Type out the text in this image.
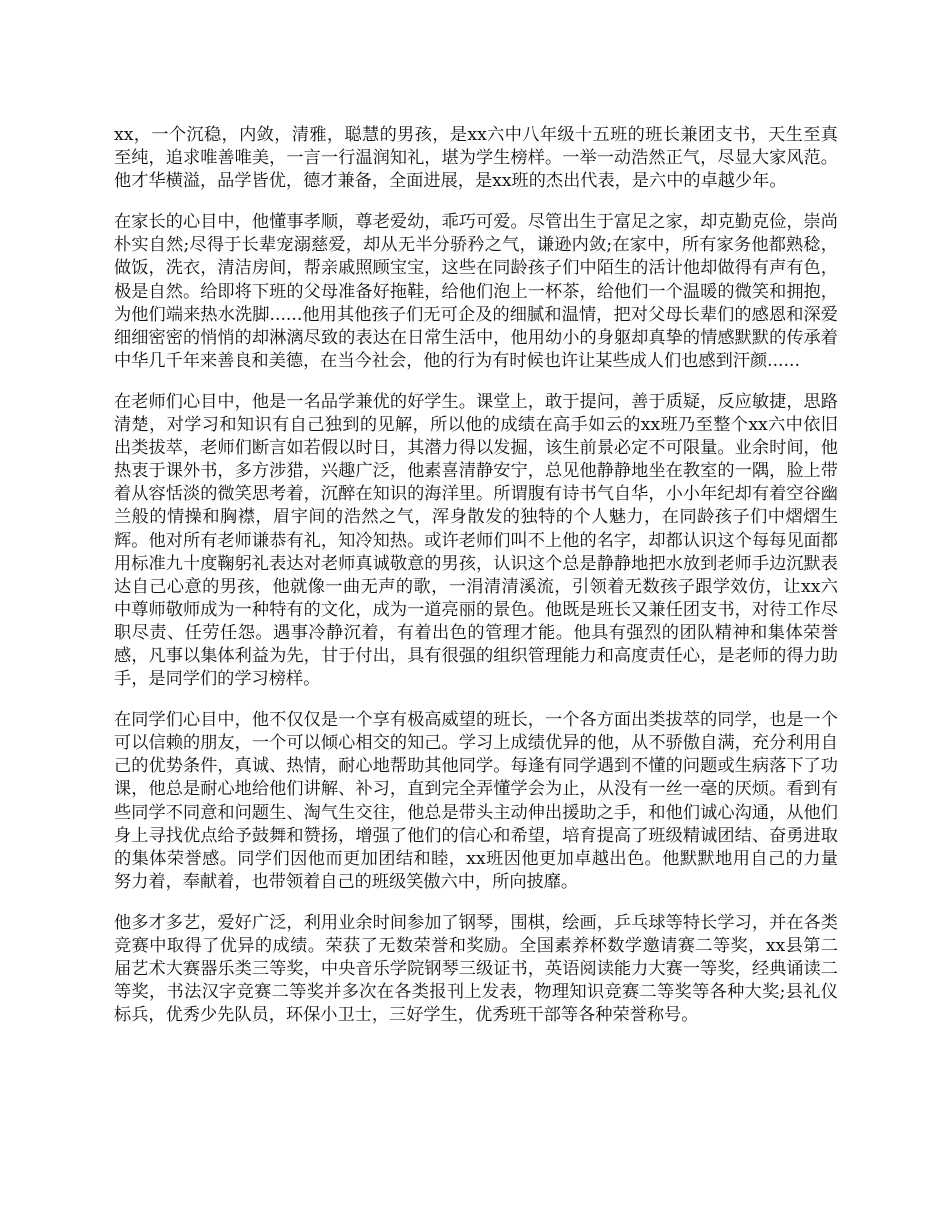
xx，一个沉稳，内敛，清雅，聪慧的男孩，是xx六中八年级十五班的班长兼团支书，天生至真至纯，追求唯善唯美，一言一行温润知礼，堪为学生榜样。一举一动浩然正气，尽显大家风范。他才华横溢，品学皆优，德才兼备，全面进展，是xx班的杰出代表，是六中的卓越少年。

在家长的心目中，他懂事孝顺，尊老爱幼，乖巧可爱。尽管出生于富足之家，却克勤克俭，崇尚朴实自然;尽得于长辈宠溺慈爱，却从无半分骄矜之气，谦逊内敛;在家中，所有家务他都熟稔，做饭，洗衣，清洁房间，帮亲戚照顾宝宝，这些在同龄孩子们中陌生的活计他却做得有声有色，极是自然。给即将下班的父母准备好拖鞋，给他们泡上一杯茶，给他们一个温暖的微笑和拥抱，为他们端来热水洗脚......他用其他孩子们无可企及的细腻和温情，把对父母长辈们的感恩和深爱细细密密的悄悄的却淋漓尽致的表达在日常生活中，他用幼小的身躯却真挚的情感默默的传承着中华几千年来善良和美德，在当今社会，他的行为有时候也许让某些成人们也感到汗颜......

在老师们心目中，他是一名品学兼优的好学生。课堂上，敢于提问，善于质疑，反应敏捷，思路清楚，对学习和知识有自己独到的见解，所以他的成绩在高手如云的xx班乃至整个xx六中依旧出类拔萃，老师们断言如若假以时日，其潜力得以发掘，该生前景必定不可限量。业余时间，他热衷于课外书，多方涉猎，兴趣广泛，他素喜清静安宁，总见他静静地坐在教室的一隅，脸上带着从容恬淡的微笑思考着，沉醉在知识的海洋里。所谓腹有诗书气自华，小小年纪却有着空谷幽兰般的情操和胸襟，眉宇间的浩然之气，浑身散发的独特的个人魅力，在同龄孩子们中熠熠生辉。他对所有老师谦恭有礼，知冷知热。或许老师们叫不上他的名字，却都认识这个每每见面都用标准九十度鞠躬礼表达对老师真诚敬意的男孩，认识这个总是静静地把水放到老师手边沉默表达自己心意的男孩，他就像一曲无声的歌，一涓清清溪流，引领着无数孩子跟学效仿，让xx六中尊师敬师成为一种特有的文化，成为一道亮丽的景色。他既是班长又兼任团支书，对待工作尽职尽责、任劳任怨。遇事冷静沉着，有着出色的管理才能。他具有强烈的团队精神和集体荣誉感，凡事以集体利益为先，甘于付出，具有很强的组织管理能力和高度责任心，是老师的得力助手，是同学们的学习榜样。

在同学们心目中，他不仅仅是一个享有极高威望的班长，一个各方面出类拔萃的同学，也是一个可以信赖的朋友，一个可以倾心相交的知己。学习上成绩优异的他，从不骄傲自满，充分利用自己的优势条件，真诚、热情，耐心地帮助其他同学。每逢有同学遇到不懂的问题或生病落下了功课，他总是耐心地给他们讲解、补习，直到完全弄懂学会为止，从没有一丝一毫的厌烦。看到有些同学不同意和问题生、淘气生交往，他总是带头主动伸出援助之手，和他们诚心沟通，从他们身上寻找优点给予鼓舞和赞扬，增强了他们的信心和希望，培育提高了班级精诚团结、奋勇进取的集体荣誉感。同学们因他而更加团结和睦，xx班因他更加卓越出色。他默默地用自己的力量努力着，奉献着，也带领着自己的班级笑傲六中，所向披靡。

他多才多艺，爱好广泛，利用业余时间参加了钢琴，围棋，绘画，乒乓球等特长学习，并在各类竞赛中取得了优异的成绩。荣获了无数荣誉和奖励。全国素养杯数学邀请赛二等奖，xx县第二届艺术大赛器乐类三等奖，中央音乐学院钢琴三级证书，英语阅读能力大赛一等奖，经典诵读二等奖，书法汉字竞赛二等奖并多次在各类报刊上发表，物理知识竞赛二等奖等各种大奖;县礼仪标兵，优秀少先队员，环保小卫士，三好学生，优秀班干部等各种荣誉称号。
